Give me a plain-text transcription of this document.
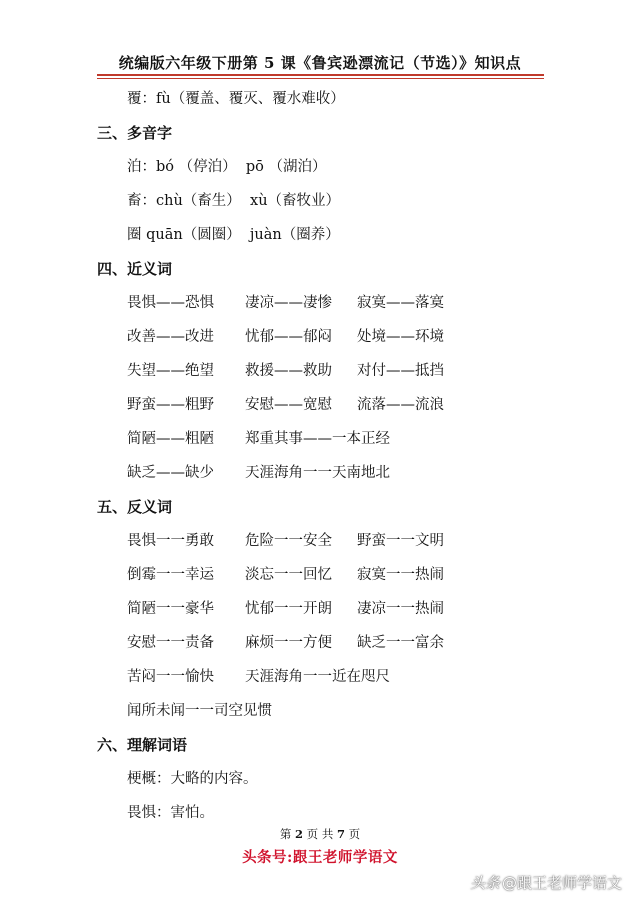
统编版六年级下册第 5 课《鲁宾逊漂流记（节选）》知识点
覆：fù（覆盖、覆灭、覆水难收）
三、多音字
泊：bó （停泊）  pō （湖泊）
畜：chù（畜生）  xù（畜牧业）
圈 quān（圆圈）  juàn（圈养）
四、近义词
畏惧——恐惧 凄凉——凄惨 寂寞——落寞
改善——改进 忧郁——郁闷 处境——环境
失望——绝望 救援——救助 对付——抵挡
野蛮——粗野 安慰——宽慰 流落——流浪
简陋——粗陋 郑重其事——一本正经
缺乏——缺少 天涯海角一一天南地北
五、反义词
畏惧一一勇敢 危险一一安全 野蛮一一文明
倒霉一一幸运 淡忘一一回忆 寂寞一一热闹
简陋一一豪华 忧郁一一开朗 凄凉一一热闹
安慰一一责备 麻烦一一方便 缺乏一一富余
苦闷一一愉快 天涯海角一一近在咫尺
闻所未闻一一司空见惯
六、理解词语
梗概：大略的内容。
畏惧：害怕。
第 2 页 共 7 页
头条号:跟王老师学语文
头条 @跟王老师学语文
